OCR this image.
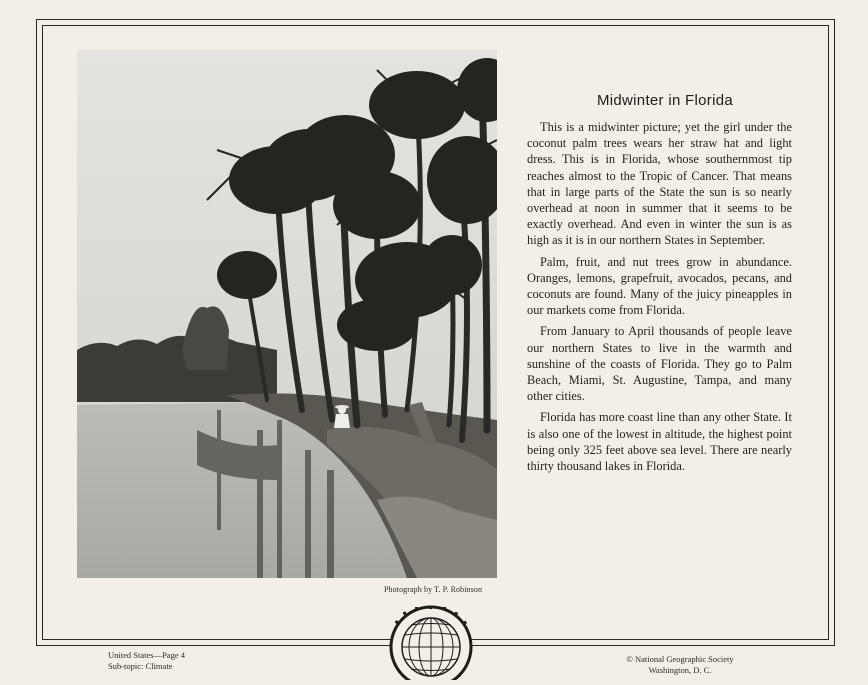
Photograph by T. P. Robinson
Midwinter in Florida

This is a midwinter picture; yet the girl under the coconut palm trees wears her straw hat and light dress. This is in Florida, whose southernmost tip reaches almost to the Tropic of Cancer. That means that in large parts of the State the sun is so nearly overhead at noon in summer that it seems to be exactly overhead. And even in winter the sun is as high as it is in our northern States in September.

Palm, fruit, and nut trees grow in abundance. Oranges, lemons, grapefruit, avocados, pecans, and coconuts are found. Many of the juicy pineapples in our markets come from Florida.

From January to April thousands of people leave our northern States to live in the warmth and sunshine of the coasts of Florida. They go to Palm Beach, Miami, St. Augustine, Tampa, and many other cities.

Florida has more coast line than any other State. It is also one of the lowest in altitude, the highest point being only 325 feet above sea level. There are nearly thirty thousand lakes in Florida.

United States—Page 4
Sub-topic: Climate
© National Geographic Society
Washington, D. C.
